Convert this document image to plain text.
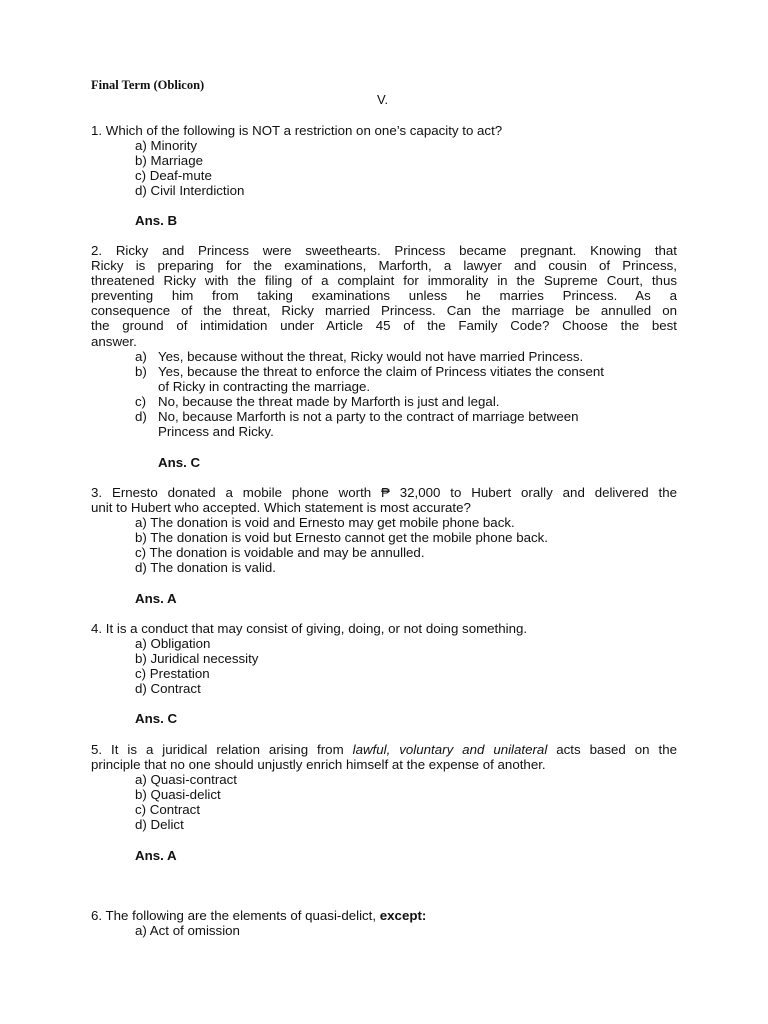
Final Term (Oblicon)
V.
1. Which of the following is NOT a restriction on one’s capacity to act?
a) Minority
b) Marriage
c) Deaf-mute
d) Civil Interdiction
Ans. B
2. Ricky and Princess were sweethearts. Princess became pregnant. Knowing that
Ricky is preparing for the examinations, Marforth, a lawyer and cousin of Princess,
threatened Ricky with the filing of a complaint for immorality in the Supreme Court, thus
preventing him from taking examinations unless he marries Princess. As a
consequence of the threat, Ricky married Princess. Can the marriage be annulled on
the ground of intimidation under Article 45 of the Family Code? Choose the best
answer.
a) Yes, because without the threat, Ricky would not have married Princess.
b) Yes, because the threat to enforce the claim of Princess vitiates the consent
of Ricky in contracting the marriage.
c) No, because the threat made by Marforth is just and legal.
d) No, because Marforth is not a party to the contract of marriage between
Princess and Ricky.
Ans. C
3. Ernesto donated a mobile phone worth ₱ 32,000 to Hubert orally and delivered the
unit to Hubert who accepted. Which statement is most accurate?
a) The donation is void and Ernesto may get mobile phone back.
b) The donation is void but Ernesto cannot get the mobile phone back.
c) The donation is voidable and may be annulled.
d) The donation is valid.
Ans. A
4. It is a conduct that may consist of giving, doing, or not doing something.
a) Obligation
b) Juridical necessity
c) Prestation
d) Contract
Ans. C
5. It is a juridical relation arising from lawful, voluntary and unilateral acts based on the
principle that no one should unjustly enrich himself at the expense of another.
a) Quasi-contract
b) Quasi-delict
c) Contract
d) Delict
Ans. A
6. The following are the elements of quasi-delict, except:
a) Act of omission
